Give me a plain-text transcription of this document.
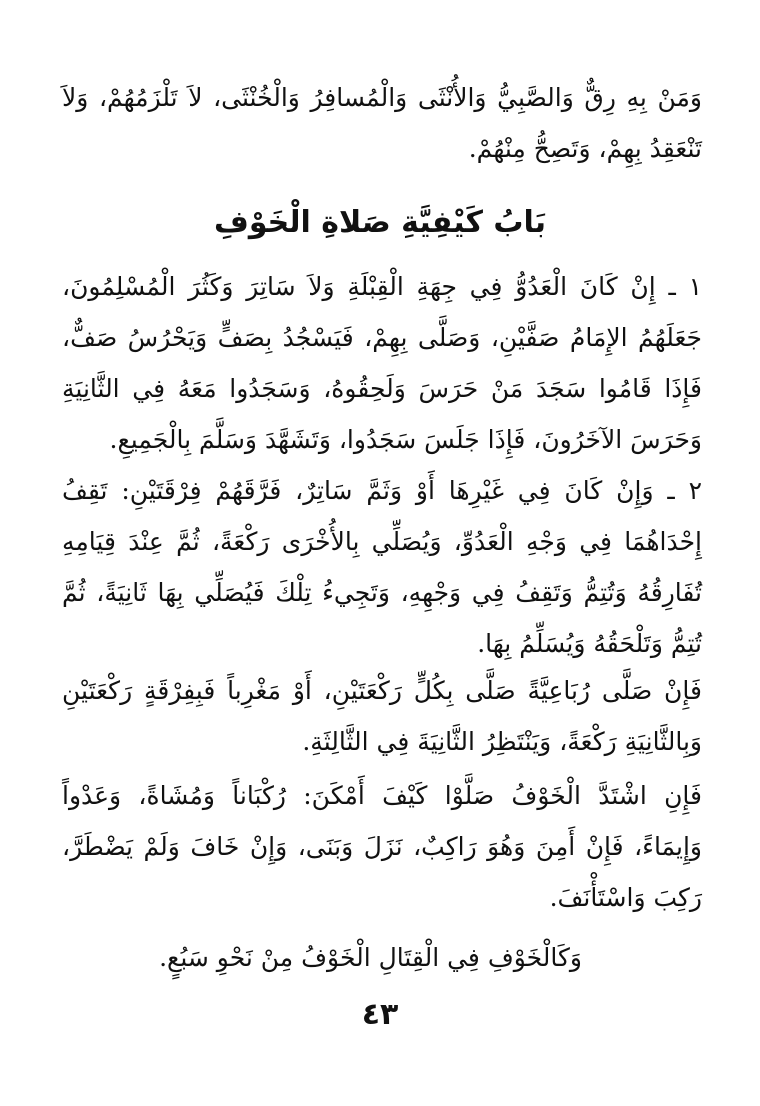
وَمَنْ بِهِ رِقٌّ وَالصَّبِيُّ وَالأُنْثَى وَالْمُسافِرُ وَالْخُنْثَى، لاَ تَلْزَمُهُمْ، وَلاَ تَنْعَقِدُ بِهِمْ، وَتَصِحُّ مِنْهُمْ.

بَابُ كَيْفِيَّةِ صَلاةِ الْخَوْفِ

١ ـ إِنْ كَانَ الْعَدُوُّ فِي جِهَةِ الْقِبْلَةِ وَلاَ سَاتِرَ وَكَثُرَ الْمُسْلِمُونَ، جَعَلَهُمُ الإِمَامُ صَفَّيْنِ، وَصَلَّى بِهِمْ، فَيَسْجُدُ بِصَفٍّ وَيَحْرُسُ صَفٌّ، فَإِذَا قَامُوا سَجَدَ مَنْ حَرَسَ وَلَحِقُوهُ، وَسَجَدُوا مَعَهُ فِي الثَّانِيَةِ وَحَرَسَ الآخَرُونَ، فَإِذَا جَلَسَ سَجَدُوا، وَتَشَهَّدَ وَسَلَّمَ بِالْجَمِيعِ.

٢ ـ وَإِنْ كَانَ فِي غَيْرِهَا أَوْ وَثَمَّ سَاتِرٌ، فَرَّقَهُمْ فِرْقَتَيْنِ: تَقِفُ إِحْدَاهُمَا فِي وَجْهِ الْعَدُوِّ، وَيُصَلِّي بِالأُخْرَى رَكْعَةً، ثُمَّ عِنْدَ قِيَامِهِ تُفَارِقُهُ وَتُتِمُّ وَتَقِفُ فِي وَجْهِهِ، وَتَجِيءُ تِلْكَ فَيُصَلِّي بِهَا ثَانِيَةً، ثُمَّ تُتِمُّ وَتَلْحَقُهُ وَيُسَلِّمُ بِهَا.

فَإِنْ صَلَّى رُبَاعِيَّةً صَلَّى بِكُلٍّ رَكْعَتَيْنِ، أَوْ مَغْرِباً فَبِفِرْقَةٍ رَكْعَتَيْنِ وَبِالثَّانِيَةِ رَكْعَةً، وَيَنْتَظِرُ الثَّانِيَةَ فِي الثَّالِثَةِ.

فَإِنِ اشْتَدَّ الْخَوْفُ صَلَّوْا كَيْفَ أَمْكَنَ: رُكْبَاناً وَمُشَاةً، وَعَدْواً وَإِيمَاءً، فَإِنْ أَمِنَ وَهُوَ رَاكِبٌ، نَزَلَ وَبَنَى، وَإِنْ خَافَ وَلَمْ يَضْطَرَّ، رَكِبَ وَاسْتَأْنَفَ.

وَكَالْخَوْفِ فِي الْقِتَالِ الْخَوْفُ مِنْ نَحْوِ سَبُعٍ.

٤٣
